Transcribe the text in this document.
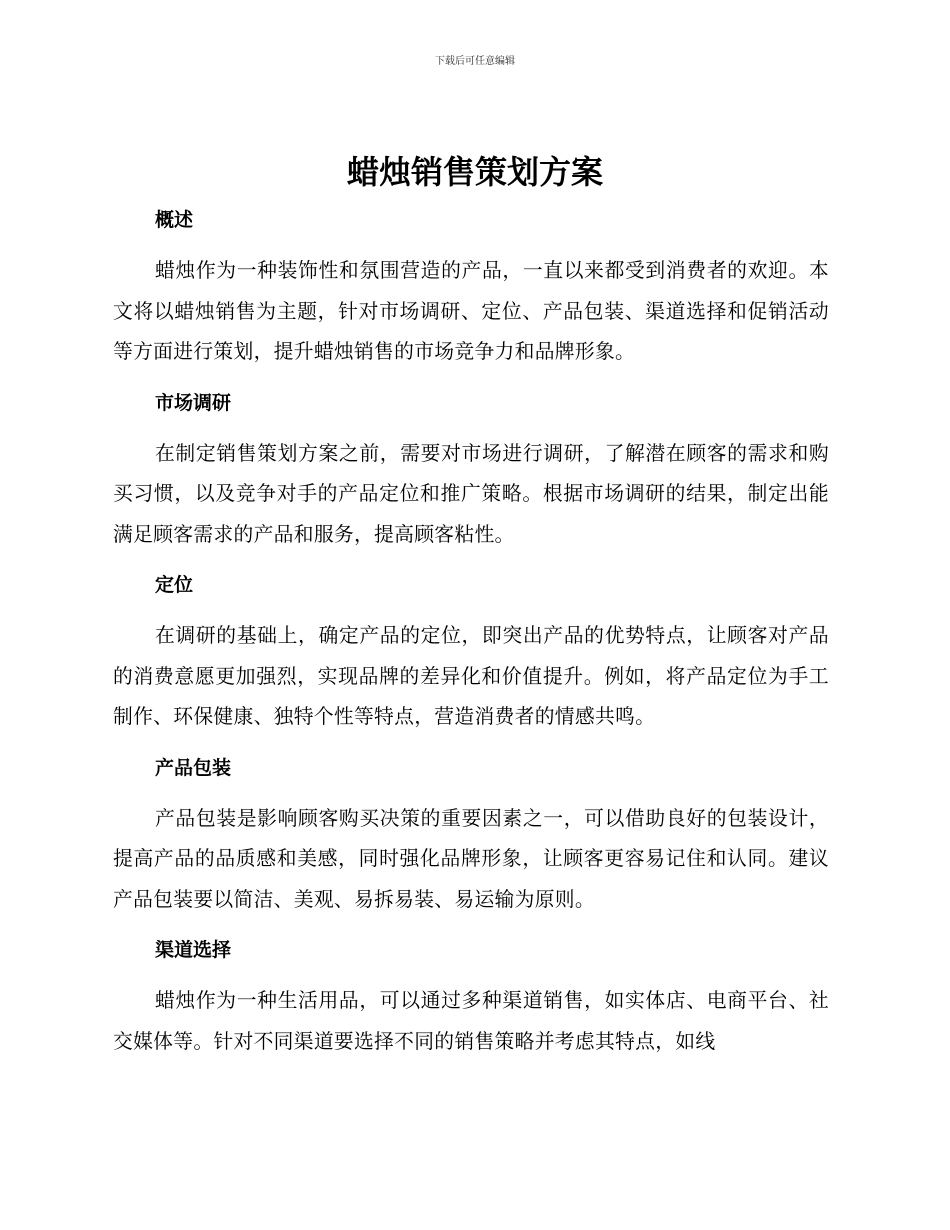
下载后可任意编辑
蜡烛销售策划方案
概述

蜡烛作为一种装饰性和氛围营造的产品，一直以来都受到消费者的欢迎。本文将以蜡烛销售为主题，针对市场调研、定位、产品包装、渠道选择和促销活动等方面进行策划，提升蜡烛销售的市场竞争力和品牌形象。

市场调研

在制定销售策划方案之前，需要对市场进行调研，了解潜在顾客的需求和购买习惯，以及竞争对手的产品定位和推广策略。根据市场调研的结果，制定出能满足顾客需求的产品和服务，提高顾客粘性。

定位

在调研的基础上，确定产品的定位，即突出产品的优势特点，让顾客对产品的消费意愿更加强烈，实现品牌的差异化和价值提升。例如，将产品定位为手工制作、环保健康、独特个性等特点，营造消费者的情感共鸣。

产品包装

产品包装是影响顾客购买决策的重要因素之一，可以借助良好的包装设计，提高产品的品质感和美感，同时强化品牌形象，让顾客更容易记住和认同。建议产品包装要以简洁、美观、易拆易装、易运输为原则。

渠道选择

蜡烛作为一种生活用品，可以通过多种渠道销售，如实体店、电商平台、社交媒体等。针对不同渠道要选择不同的销售策略并考虑其特点，如线
